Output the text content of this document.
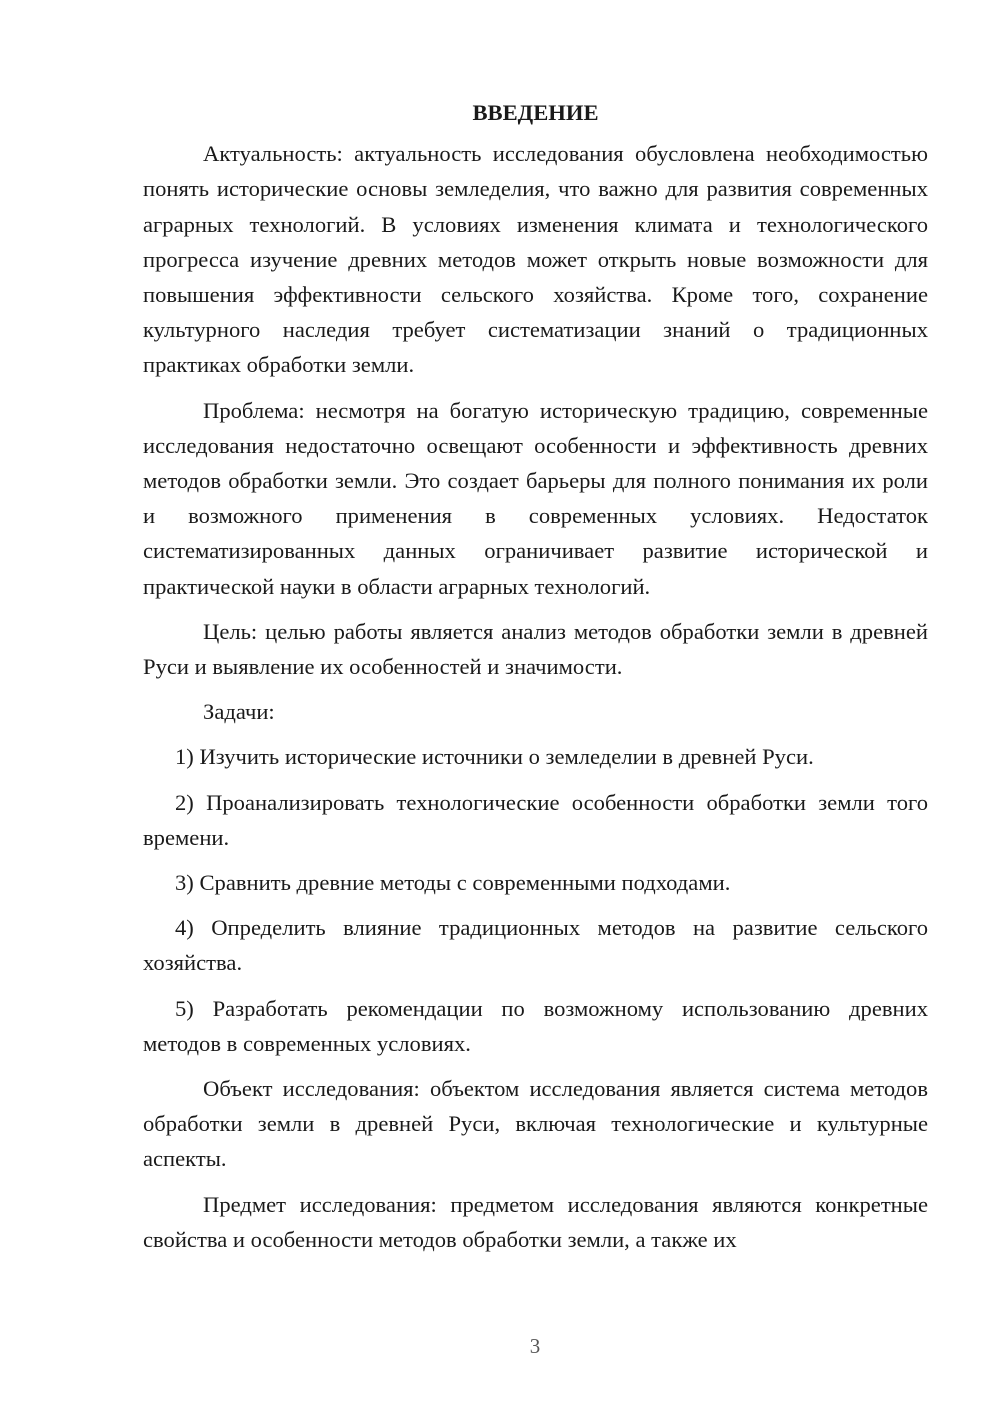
ВВЕДЕНИЕ

Актуальность: актуальность исследования обусловлена необходимостью понять исторические основы земледелия, что важно для развития современных аграрных технологий. В условиях изменения климата и технологического прогресса изучение древних методов может открыть новые возможности для повышения эффективности сельского хозяйства. Кроме того, сохранение культурного наследия требует систематизации знаний о традиционных практиках обработки земли.

Проблема: несмотря на богатую историческую традицию, современные исследования недостаточно освещают особенности и эффективность древних методов обработки земли. Это создает барьеры для полного понимания их роли и возможного применения в современных условиях. Недостаток систематизированных данных ограничивает развитие исторической и практической науки в области аграрных технологий.

Цель: целью работы является анализ методов обработки земли в древней Руси и выявление их особенностей и значимости.

Задачи:

1) Изучить исторические источники о земледелии в древней Руси.

2) Проанализировать технологические особенности обработки земли того времени.

3) Сравнить древние методы с современными подходами.

4) Определить влияние традиционных методов на развитие сельского хозяйства.

5) Разработать рекомендации по возможному использованию древних методов в современных условиях.

Объект исследования: объектом исследования является система методов обработки земли в древней Руси, включая технологические и культурные аспекты.

Предмет исследования: предметом исследования являются конкретные свойства и особенности методов обработки земли, а также их

3
